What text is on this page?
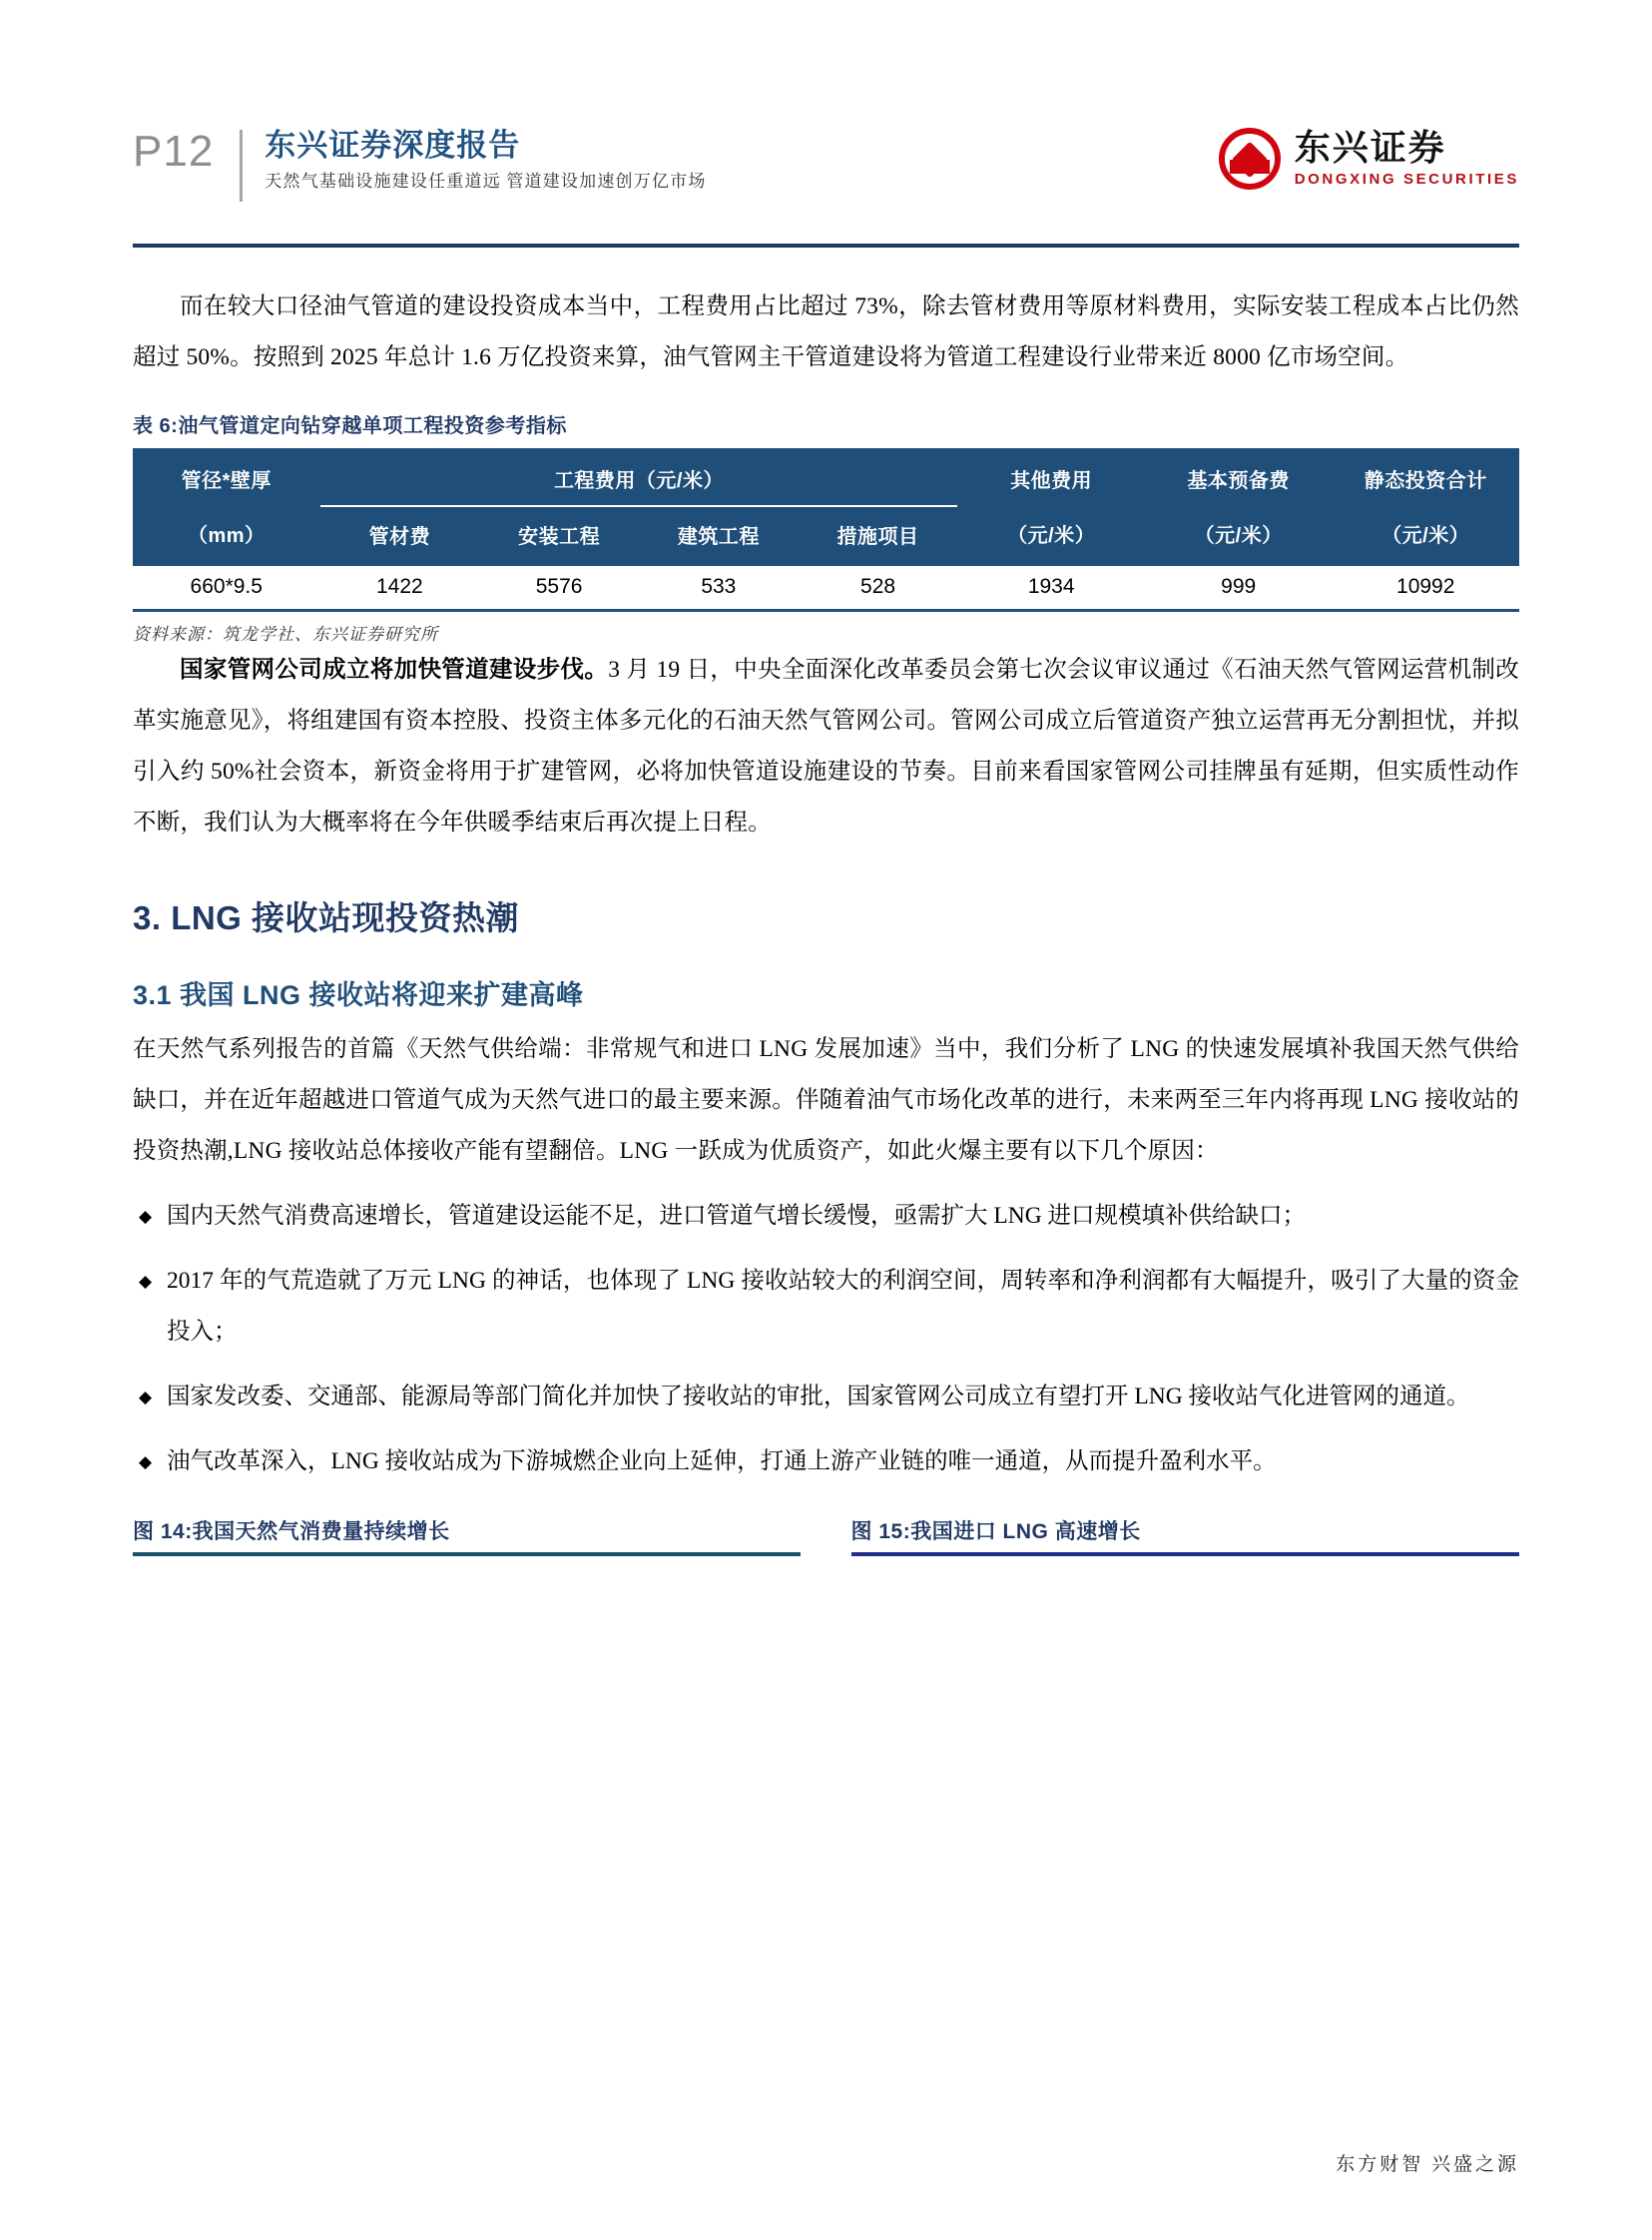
P12	东兴证券深度报告
天然气基础设施建设任重道远 管道建设加速创万亿市场
东兴证券
DONGXING SECURITIES

而在较大口径油气管道的建设投资成本当中，工程费用占比超过 73%，除去管材费用等原材料费用，实际安装工程成本占比仍然超过 50%。按照到 2025 年总计 1.6 万亿投资来算，油气管网主干管道建设将为管道工程建设行业带来近 8000 亿市场空间。

表 6:油气管道定向钻穿越单项工程投资参考指标
管径*壁厚	工程费用（元/米）				其他费用	基本预备费	静态投资合计
（mm）	管材费	安装工程	建筑工程	措施项目	（元/米）	（元/米）	（元/米）
660*9.5	1422	5576	533	528	1934	999	10992
资料来源：筑龙学社、东兴证券研究所

国家管网公司成立将加快管道建设步伐。3 月 19 日，中央全面深化改革委员会第七次会议审议通过《石油天然气管网运营机制改革实施意见》，将组建国有资本控股、投资主体多元化的石油天然气管网公司。管网公司成立后管道资产独立运营再无分割担忧，并拟引入约 50%社会资本，新资金将用于扩建管网，必将加快管道设施建设的节奏。目前来看国家管网公司挂牌虽有延期，但实质性动作不断，我们认为大概率将在今年供暖季结束后再次提上日程。

3. LNG 接收站现投资热潮
3.1 我国 LNG 接收站将迎来扩建高峰

在天然气系列报告的首篇《天然气供给端：非常规气和进口 LNG 发展加速》当中，我们分析了 LNG 的快速发展填补我国天然气供给缺口，并在近年超越进口管道气成为天然气进口的最主要来源。伴随着油气市场化改革的进行，未来两至三年内将再现 LNG 接收站的投资热潮,LNG 接收站总体接收产能有望翻倍。LNG 一跃成为优质资产，如此火爆主要有以下几个原因：

◆ 国内天然气消费高速增长，管道建设运能不足，进口管道气增长缓慢，亟需扩大 LNG 进口规模填补供给缺口；
◆ 2017 年的气荒造就了万元 LNG 的神话，也体现了 LNG 接收站较大的利润空间，周转率和净利润都有大幅提升，吸引了大量的资金投入；
◆ 国家发改委、交通部、能源局等部门简化并加快了接收站的审批，国家管网公司成立有望打开 LNG 接收站气化进管网的通道。
◆ 油气改革深入，LNG 接收站成为下游城燃企业向上延伸，打通上游产业链的唯一通道，从而提升盈利水平。
图 14:我国天然气消费量持续增长	图 15:我国进口 LNG 高速增长
东方财智 兴盛之源
